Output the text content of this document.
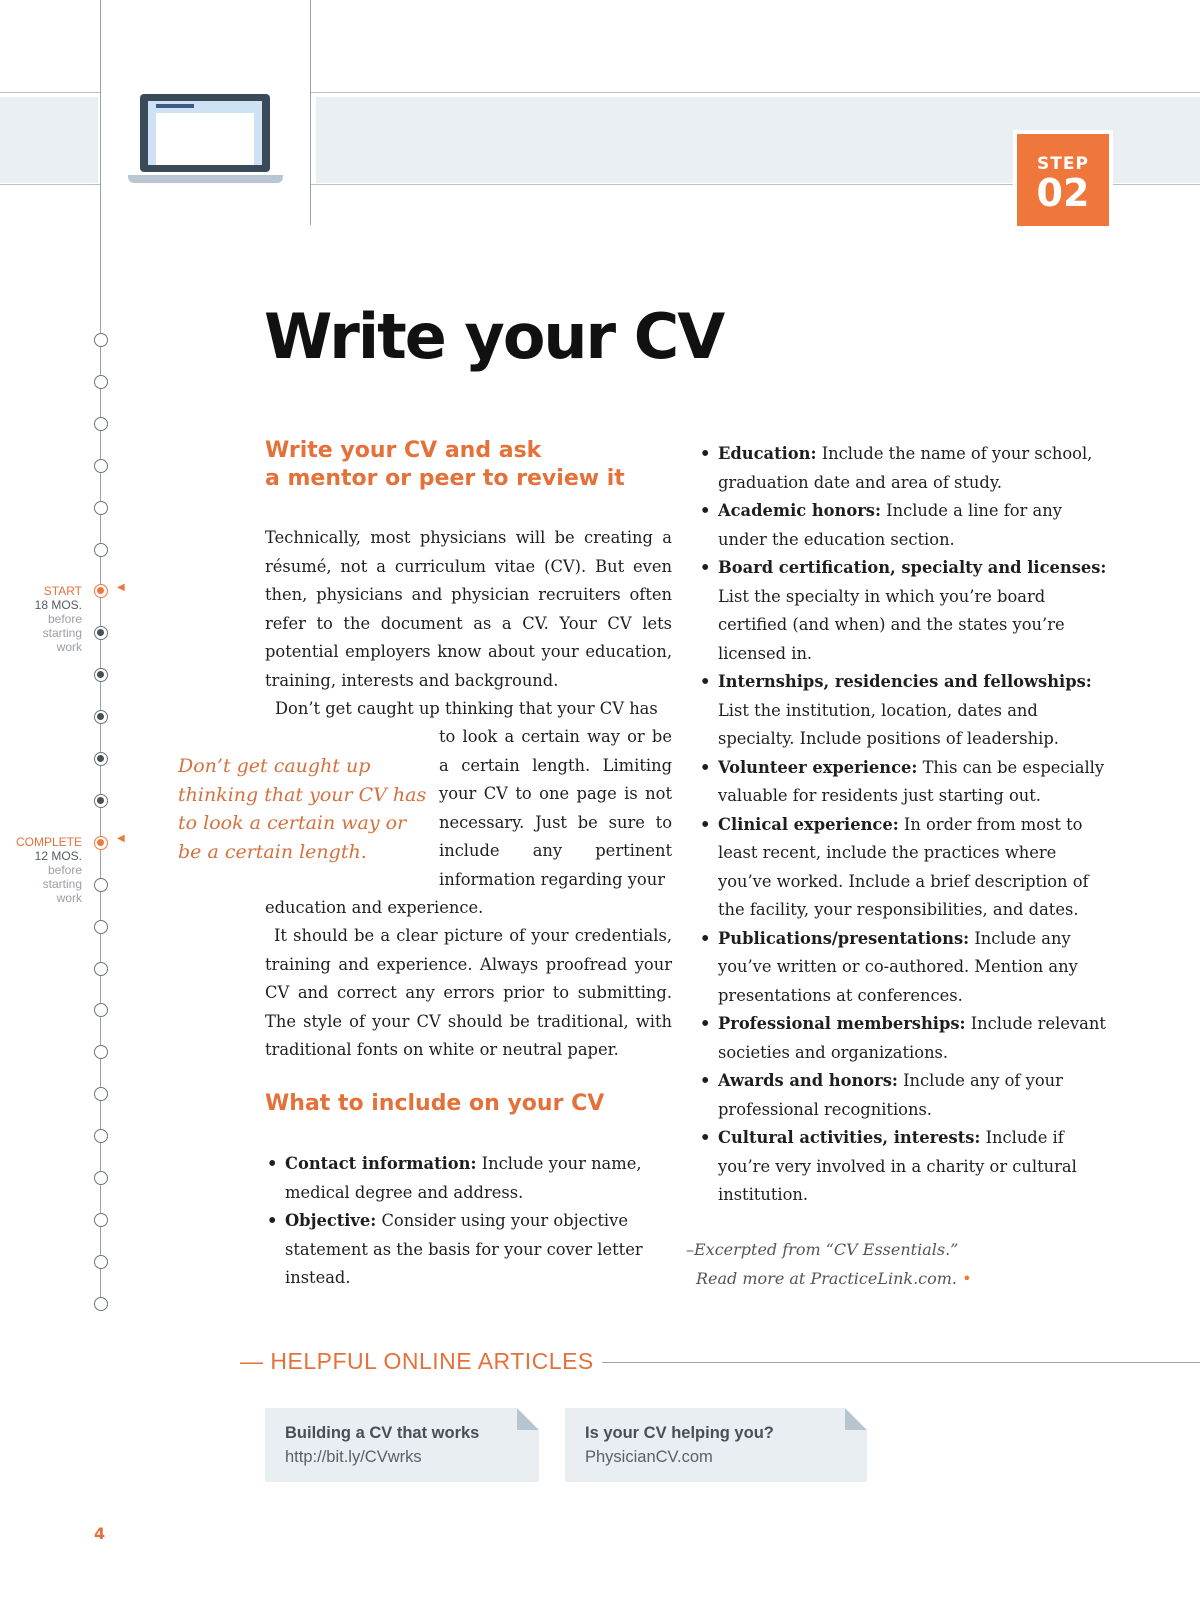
STEP
02
START
18 MOS.
before
starting
work
COMPLETE
12 MOS.
before
starting
work
◀
◀
Write your CV
Write your CV and ask
a mentor or peer to review it
Technically, most physicians will be creating a résumé, not a curriculum vitae (CV). But even then, physicians and physician recruiters often refer to the document as a CV. Your CV lets potential employers know about your education, training, interests and background.
Don’t get caught up thinking that your CV has
to look a certain way or be a certain length. Limiting your CV to one page is not necessary. Just be sure to include any pertinent information regarding your
education and experience.
It should be a clear picture of your credentials, training and experience. Always proofread your CV and correct any errors prior to submitting. The style of your CV should be traditional, with traditional fonts on white or neutral paper.
Don’t get caught up thinking that your CV has to look a certain way or be a certain length.
What to include on your CV
• Contact information: Include your name, medical degree and address.
• Objective: Consider using your objective statement as the basis for your cover letter instead.
• Education: Include the name of your school, graduation date and area of study.
• Academic honors: Include a line for any under the education section.
• Board certification, specialty and licenses: List the specialty in which you’re board certified (and when) and the states you’re licensed in.
• Internships, residencies and fellowships: List the institution, location, dates and specialty. Include positions of leadership.
• Volunteer experience: This can be especially valuable for residents just starting out.
• Clinical experience: In order from most to least recent, include the practices where you’ve worked. Include a brief description of the facility, your responsibilities, and dates.
• Publications/presentations: Include any you’ve written or co-authored. Mention any presentations at conferences.
• Professional memberships: Include relevant societies and organizations.
• Awards and honors: Include any of your professional recognitions.
• Cultural activities, interests: Include if you’re very involved in a charity or cultural institution.
–Excerpted from “CV Essentials.”
Read more at PracticeLink.com. •
— HELPFUL ONLINE ARTICLES
Building a CV that works
http://bit.ly/CVwrks
Is your CV helping you?
PhysicianCV.com
4
